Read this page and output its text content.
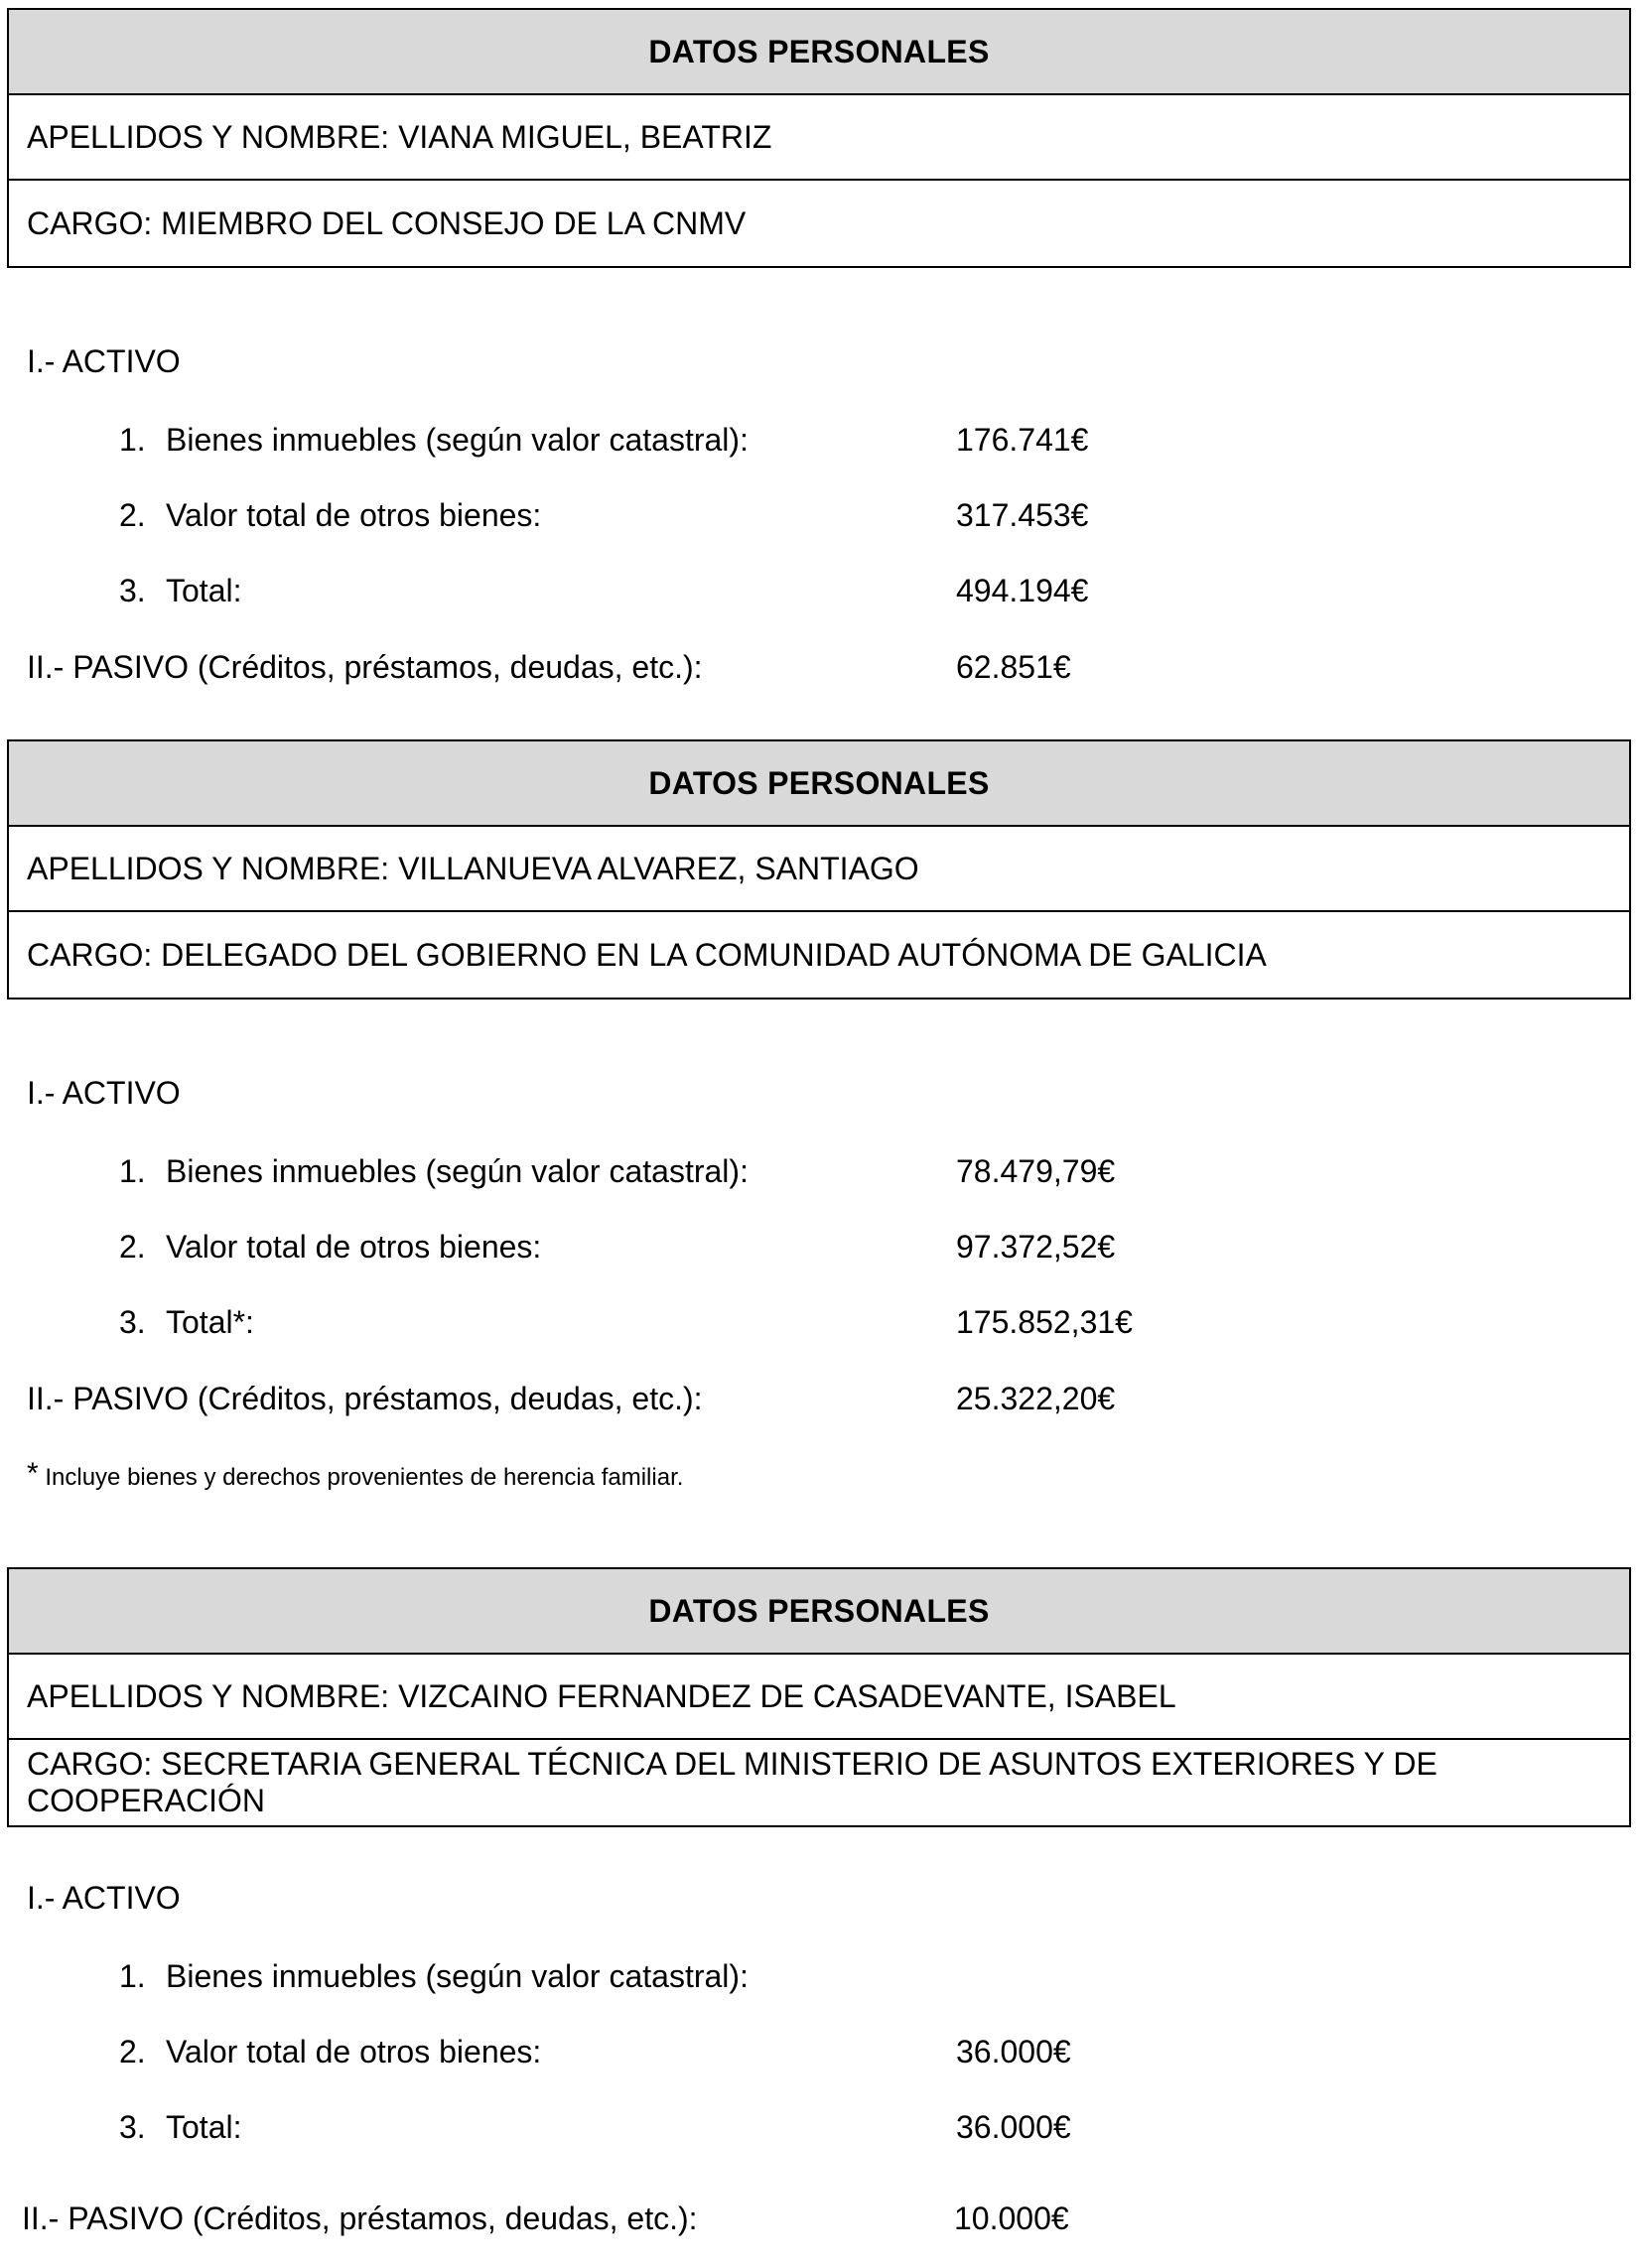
DATOS PERSONALES
APELLIDOS Y NOMBRE: VIANA MIGUEL, BEATRIZ
CARGO: MIEMBRO DEL CONSEJO DE LA CNMV
I.- ACTIVO
1. Bienes inmuebles (según valor catastral):	176.741€
2. Valor total de otros bienes:	317.453€
3. Total:	494.194€
II.- PASIVO (Créditos, préstamos, deudas, etc.):	62.851€
DATOS PERSONALES
APELLIDOS Y NOMBRE: VILLANUEVA ALVAREZ, SANTIAGO
CARGO: DELEGADO DEL GOBIERNO EN LA COMUNIDAD AUTÓNOMA DE GALICIA
I.- ACTIVO
1. Bienes inmuebles (según valor catastral):	78.479,79€
2. Valor total de otros bienes:	97.372,52€
3. Total*:	175.852,31€
II.- PASIVO (Créditos, préstamos, deudas, etc.):	25.322,20€
* Incluye bienes y derechos provenientes de herencia familiar.
DATOS PERSONALES
APELLIDOS Y NOMBRE: VIZCAINO FERNANDEZ DE CASADEVANTE, ISABEL
CARGO: SECRETARIA GENERAL TÉCNICA DEL MINISTERIO DE ASUNTOS EXTERIORES Y DE COOPERACIÓN
I.- ACTIVO
1. Bienes inmuebles (según valor catastral):
2. Valor total de otros bienes:	36.000€
3. Total:	36.000€
II.- PASIVO (Créditos, préstamos, deudas, etc.):	10.000€
